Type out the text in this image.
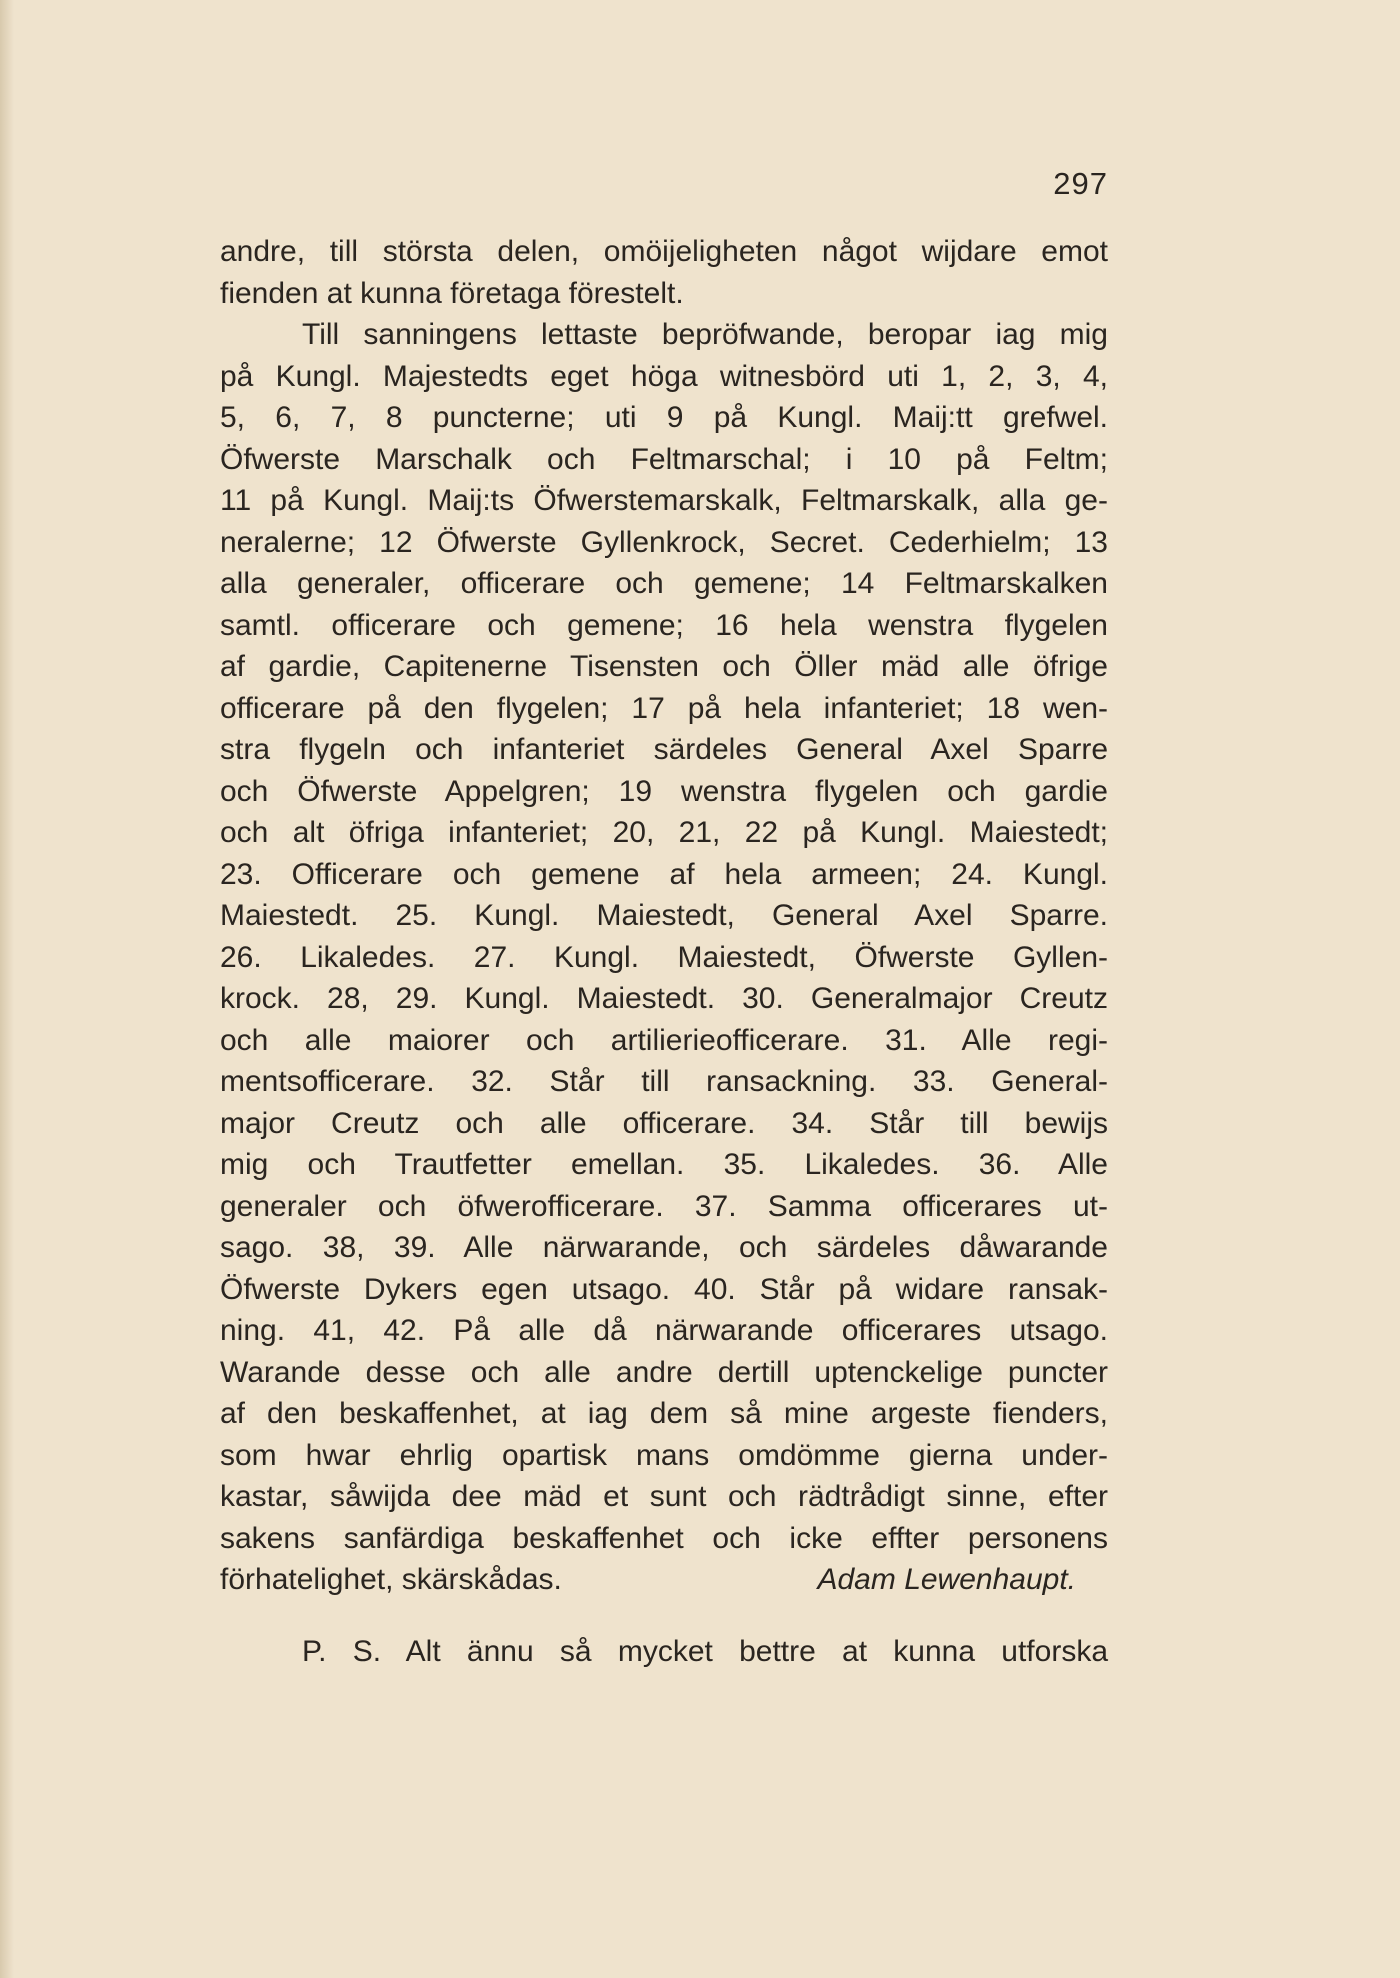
297
andre, till största delen, omöijeligheten något wijdare emot
fienden at kunna företaga förestelt.
Till sanningens lettaste bepröfwande, beropar iag mig
på Kungl. Majestedts eget höga witnesbörd uti 1, 2, 3, 4,
5, 6, 7, 8 puncterne; uti 9 på Kungl. Maij:tt grefwel.
Öfwerste Marschalk och Feltmarschal; i 10 på Feltm;
11 på Kungl. Maij:ts Öfwerstemarskalk, Feltmarskalk, alla ge-
neralerne; 12 Öfwerste Gyllenkrock, Secret. Cederhielm; 13
alla generaler, officerare och gemene; 14 Feltmarskalken
samtl. officerare och gemene; 16 hela wenstra flygelen
af gardie, Capitenerne Tisensten och Öller mäd alle öfrige
officerare på den flygelen; 17 på hela infanteriet; 18 wen-
stra flygeln och infanteriet särdeles General Axel Sparre
och Öfwerste Appelgren; 19 wenstra flygelen och gardie
och alt öfriga infanteriet; 20, 21, 22 på Kungl. Maiestedt;
23. Officerare och gemene af hela armeen; 24. Kungl.
Maiestedt. 25. Kungl. Maiestedt, General Axel Sparre.
26. Likaledes. 27. Kungl. Maiestedt, Öfwerste Gyllen-
krock. 28, 29. Kungl. Maiestedt. 30. Generalmajor Creutz
och alle maiorer och artilierieofficerare. 31. Alle regi-
mentsofficerare. 32. Står till ransackning. 33. General-
major Creutz och alle officerare. 34. Står till bewijs
mig och Trautfetter emellan. 35. Likaledes. 36. Alle
generaler och öfwerofficerare. 37. Samma officerares ut-
sago. 38, 39. Alle närwarande, och särdeles dåwarande
Öfwerste Dykers egen utsago. 40. Står på widare ransak-
ning. 41, 42. På alle då närwarande officerares utsago.
Warande desse och alle andre dertill uptenckelige puncter
af den beskaffenhet, at iag dem så mine argeste fienders,
som hwar ehrlig opartisk mans omdömme gierna under-
kastar, såwijda dee mäd et sunt och rädtrådigt sinne, efter
sakens sanfärdiga beskaffenhet och icke effter personens
förhatelighet, skärskådas.	Adam Lewenhaupt.
P. S. Alt ännu så mycket bettre at kunna utforska
